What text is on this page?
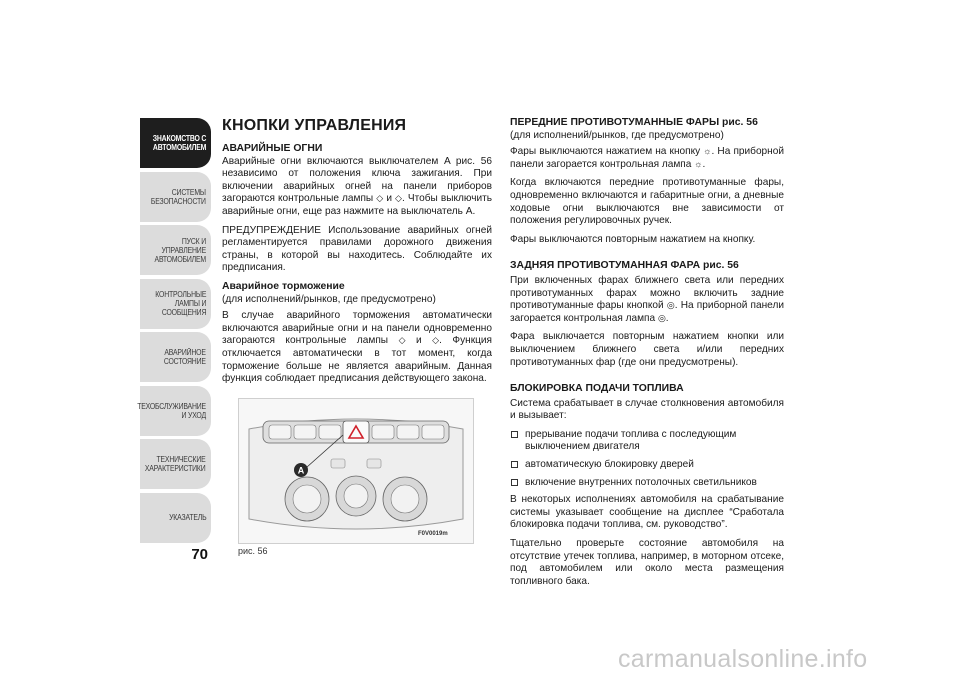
ЗНАКОМСТВО С
АВТОМОБИЛЕМ
СИСТЕМЫ
БЕЗОПАСНОСТИ
ПУСК И УПРАВЛЕНИЕ
АВТОМОБИЛЕМ
КОНТРОЛЬНЫЕ
ЛАМПЫ И
СООБЩЕНИЯ
АВАРИЙНОЕ
СОСТОЯНИЕ
ТЕХОБСЛУЖИВАНИЕ
И УХОД
ТЕХНИЧЕСКИЕ
ХАРАКТЕРИСТИКИ
УКАЗАТЕЛЬ
70
КНОПКИ УПРАВЛЕНИЯ
АВАРИЙНЫЕ ОГНИ

Аварийные огни включаются выключателем A рис. 56 независимо от положения ключа зажигания. При включении аварийных огней на панели приборов загораются контрольные лампы ◇ и ◇. Чтобы выключить аварийные огни, еще раз нажмите на выключатель A.

ПРЕДУПРЕЖДЕНИЕ Использование аварийных огней регламентируется правилами дорожного движения страны, в которой вы находитесь. Соблюдайте их предписания.

Аварийное торможение

(для исполнений/рынков, где предусмотрено)

В случае аварийного торможения автоматически включаются аварийные огни и на панели одновременно загораются контрольные лампы ◇ и ◇. Функция отключается автоматически в тот момент, когда торможение больше не является аварийным. Данная функция соблюдает предписания действующего закона.

A
F0V0019m
рис. 56
ПЕРЕДНИЕ ПРОТИВОТУМАННЫЕ ФАРЫ рис. 56

(для исполнений/рынков, где предусмотрено)

Фары выключаются нажатием на кнопку ☼. На приборной панели загорается контрольная лампа ☼.

Когда включаются передние противотуманные фары, одновременно включаются и габаритные огни, а дневные ходовые огни выключаются вне зависимости от положения регулировочных ручек.

Фары выключаются повторным нажатием на кнопку.

ЗАДНЯЯ ПРОТИВОТУМАННАЯ ФАРА рис. 56

При включенных фарах ближнего света или передних противотуманных фарах можно включить задние противотуманные фары кнопкой ◎. На приборной панели загорается контрольная лампа ◎.

Фара выключается повторным нажатием кнопки или выключением ближнего света и/или передних противотуманных фар (где они предусмотрены).

БЛОКИРОВКА ПОДАЧИ ТОПЛИВА

Система срабатывает в случае столкновения автомобиля и вызывает:

прерывание подачи топлива с последующим выключением двигателя
автоматическую блокировку дверей
включение внутренних потолочных светильников

В некоторых исполнениях автомобиля на срабатывание системы указывает сообщение на дисплее “Сработала блокировка подачи топлива, см. руководство”.

Тщательно проверьте состояние автомобиля на отсутствие утечек топлива, например, в моторном отсеке, под автомобилем или около места размещения топливного бака.

carmanualsonline.info
